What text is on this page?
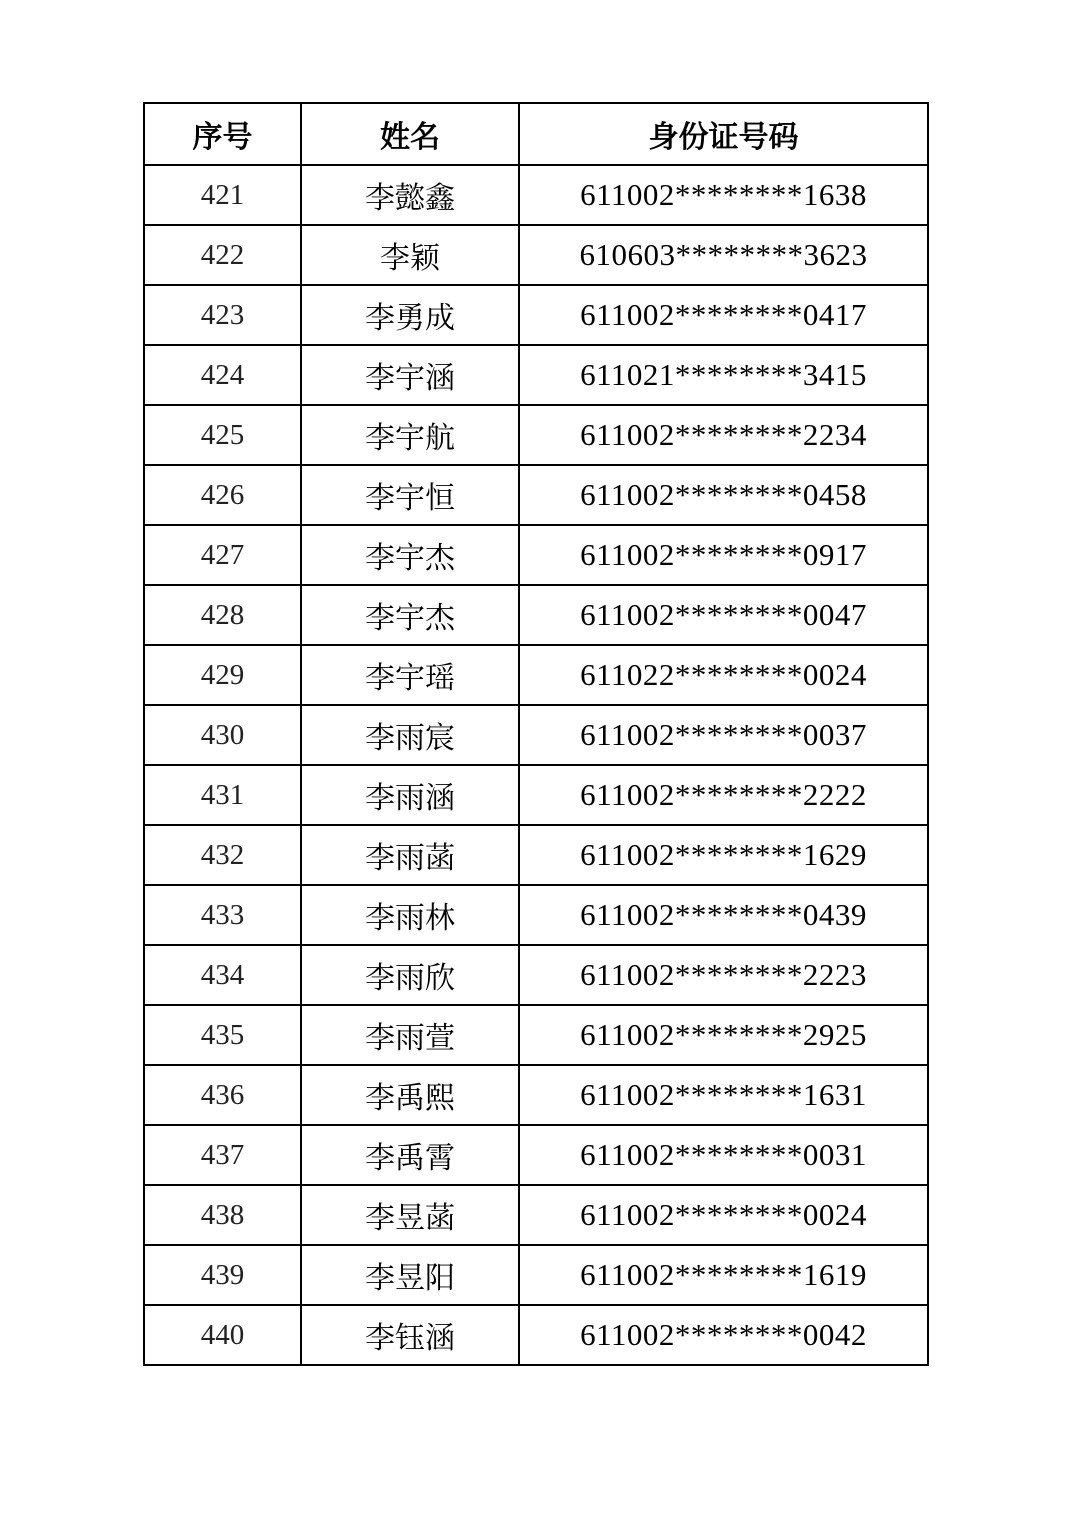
序号	姓名	身份证号码
421	李懿鑫	611002********1638
422	李颖	610603********3623
423	李勇成	611002********0417
424	李宇涵	611021********3415
425	李宇航	611002********2234
426	李宇恒	611002********0458
427	李宇杰	611002********0917
428	李宇杰	611002********0047
429	李宇瑶	611022********0024
430	李雨宸	611002********0037
431	李雨涵	611002********2222
432	李雨菡	611002********1629
433	李雨林	611002********0439
434	李雨欣	611002********2223
435	李雨萱	611002********2925
436	李禹熙	611002********1631
437	李禹霄	611002********0031
438	李昱菡	611002********0024
439	李昱阳	611002********1619
440	李钰涵	611002********0042
